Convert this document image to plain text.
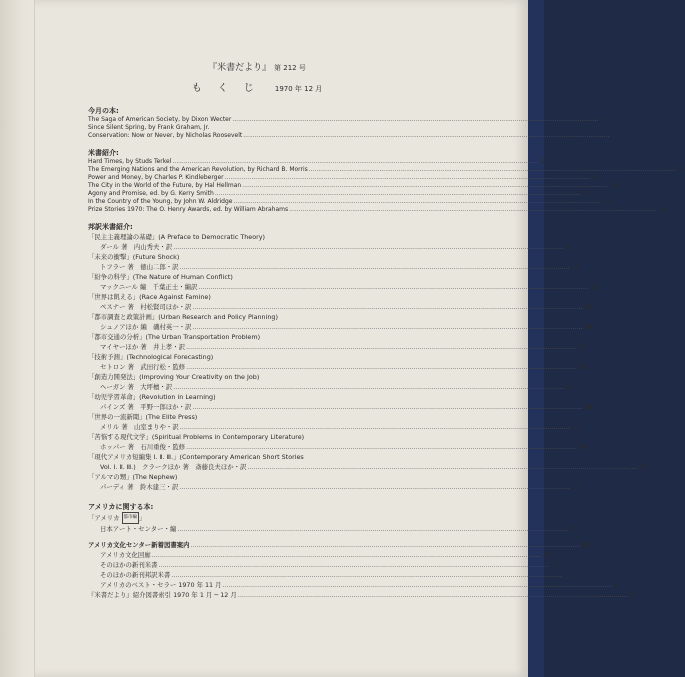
『米書だより』 第 212 号
も　く　じ	1970 年 12 月
今月の本:
The Saga of American Society, by Dixon Wecter .....	4
Since Silent Spring, by Frank Graham, Jr.
Conservation: Now or Never, by Nicholas Roosevelt .....	7
米書紹介:
Hard Times, by Studs Terkel .....	10
The Emerging Nations and the American Revolution, by Richard B. Morris .....	11
Power and Money, by Charles P. Kindleberger .....	12
The City in the World of the Future, by Hal Hellman .....	13
Agony and Promise, ed. by G. Kerry Smith .....	14
In the Country of the Young, by John W. Aldridge .....	15
Prize Stories 1970: The O. Henry Awards, ed. by William Abrahams .....	16
邦訳米書紹介:
「民主主義理論の基礎」(A Preface to Democratic Theory)
ダール 著　内山秀夫・訳 .....	20
「未来の衝撃」(Future Shock)
トフラー 著　徳山二郎・訳 .....	21
「紛争の科学」(The Nature of Human Conflict)
マックニール 編　千葉正士・編訳 .....	22
「世界は飢える」(Race Against Famine)
ペスナー 著　村松賢司ほか・訳 .....	23
「都市調査と政策計画」(Urban Research and Policy Planning)
シュノアほか 編　磯村英一・訳 .....	24
「都市交通の分析」(The Urban Transportation Problem)
マイヤーほか 著　井上孝・訳 .....	25
「技術予測」(Technological Forecasting)
セトロン 著　武田行松・監修 .....	26
「創造力開発法」(Improving Your Creativity on the Job)
ヘーガン 著　大坪檀・訳 .....	27
「幼児学習革命」(Revolution in Learning)
パインズ 著　平野一郎ほか・訳 .....	28
「世界の一流新聞」(The Elite Press)
メリル 著　山室まりや・訳 .....	29
「苦悩する現代文学」(Spiritual Problems in Contemporary Literature)
ホッパー 著　石川重俊・監修 .....	30
「現代アメリカ短編集 Ⅰ. Ⅱ. Ⅲ.」(Contemporary American Short Stories
Vol. Ⅰ. Ⅱ. Ⅲ.)　クラークほか 著　斎藤良夫ほか・訳 .....	31
「アルマの甥」(The Nephew)
パーディ 著　鈴木建三・訳 .....	32
アメリカに関する本:
「アメリカ 都市編 」
日本アート・センター・編 .....	34
アメリカ文化センター新着図書案内 .....	35
アメリカ文化回廊 .....	18
そのほかの新刊米書 .....	17
そのほかの新刊邦訳米書 .....	33
アメリカのベスト・セラー 1970 年 11 月 .....	2
『米書だより』紹介図書索引 1970 年 1 月 ─ 12 月 .....	37
